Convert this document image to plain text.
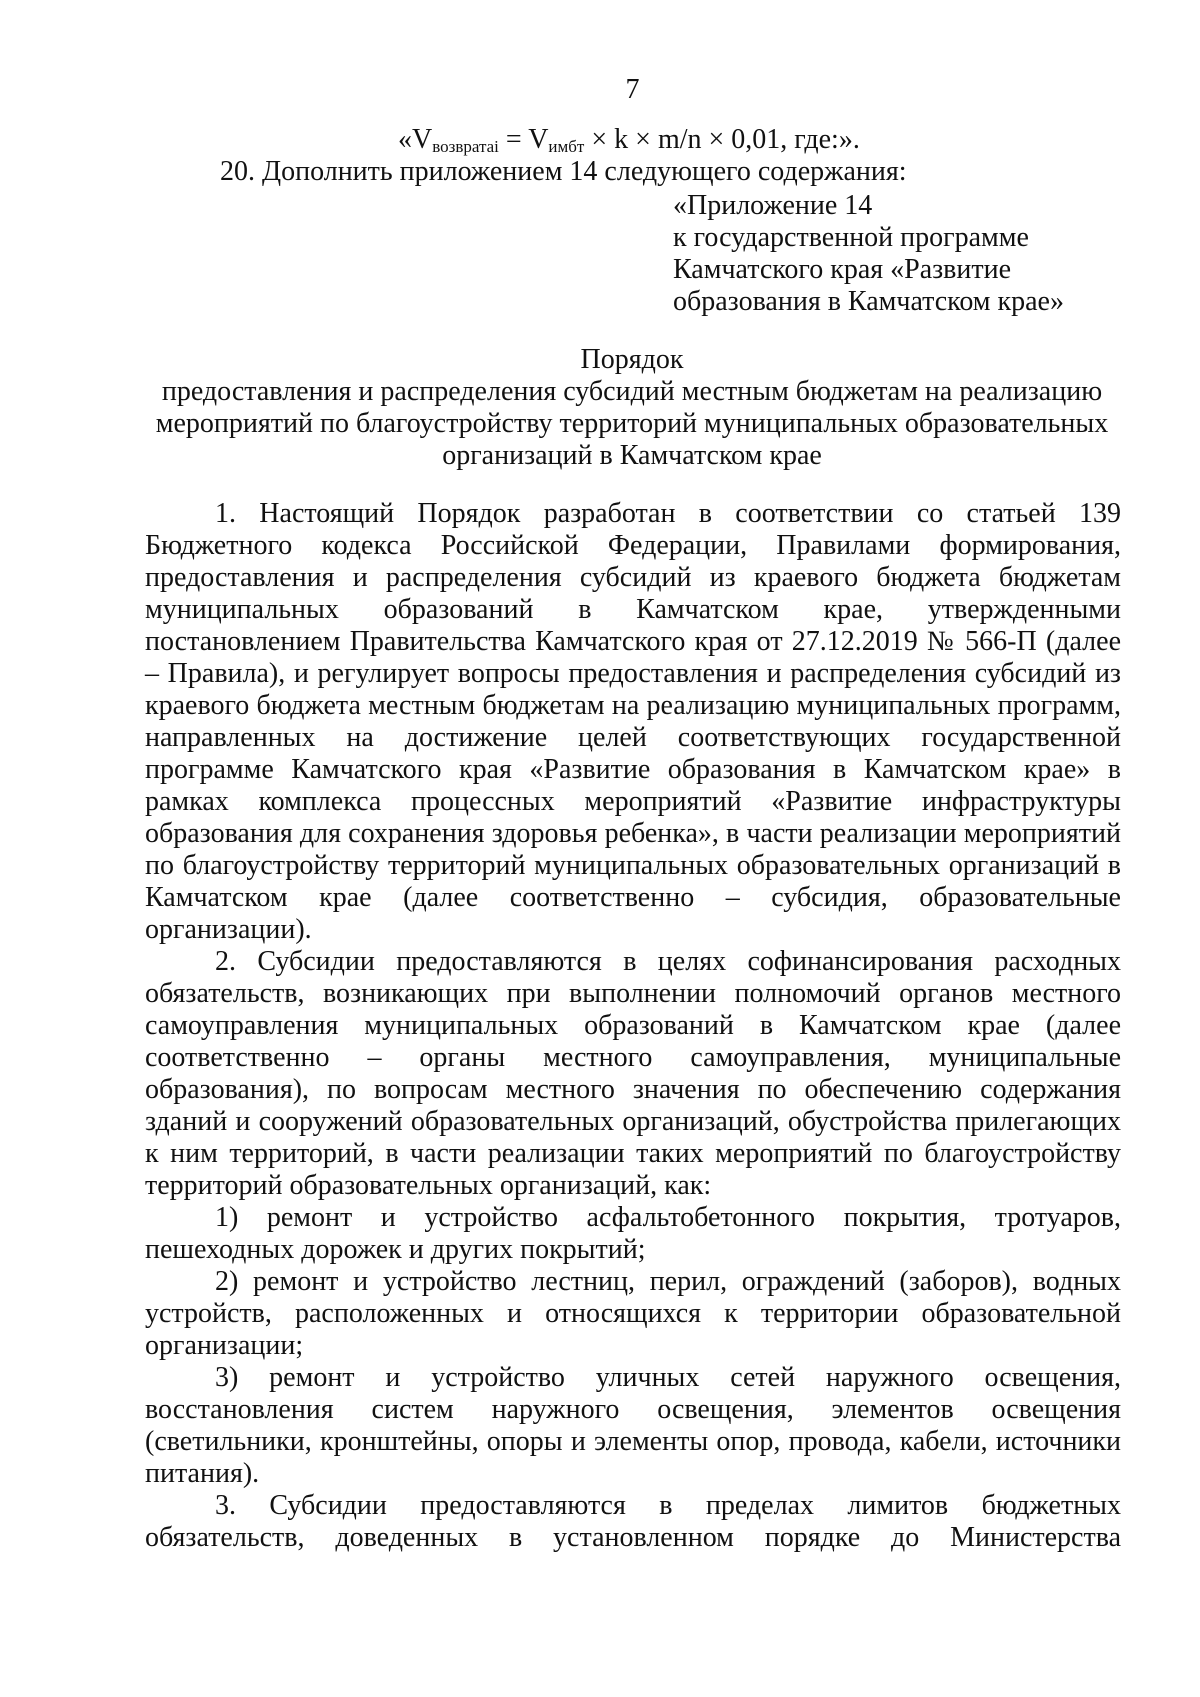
7
«$V_{возвратаi} = V_{имбт} \times k \times m/n \times 0,01$, где:».
20. Дополнить приложением 14 следующего содержания:
«Приложение 14
к государственной программе
Камчатского края «Развитие
образования в Камчатском крае»
Порядок
предоставления и распределения субсидий местным бюджетам на реализацию
мероприятий по благоустройству территорий муниципальных образовательных
организаций в Камчатском крае

1. Настоящий Порядок разработан в соответствии со статьей 139 Бюджетного кодекса Российской Федерации, Правилами формирования, предоставления и распределения субсидий из краевого бюджета бюджетам муниципальных образований в Камчатском крае, утвержденными постановлением Правительства Камчатского края от 27.12.2019 № 566-П (далее – Правила), и регулирует вопросы предоставления и распределения субсидий из краевого бюджета местным бюджетам на реализацию муниципальных программ, направленных на достижение целей соответствующих государственной программе Камчатского края «Развитие образования в Камчатском крае» в рамках комплекса процессных мероприятий «Развитие инфраструктуры образования для сохранения здоровья ребенка», в части реализации мероприятий по благоустройству территорий муниципальных образовательных организаций в Камчатском крае (далее соответственно – субсидия, образовательные организации).

2. Субсидии предоставляются в целях софинансирования расходных обязательств, возникающих при выполнении полномочий органов местного самоуправления муниципальных образований в Камчатском крае (далее соответственно – органы местного самоуправления, муниципальные образования), по вопросам местного значения по обеспечению содержания зданий и сооружений образовательных организаций, обустройства прилегающих к ним территорий, в части реализации таких мероприятий по благоустройству территорий образовательных организаций, как:

1) ремонт и устройство асфальтобетонного покрытия, тротуаров, пешеходных дорожек и других покрытий;

2) ремонт и устройство лестниц, перил, ограждений (заборов), водных устройств, расположенных и относящихся к территории образовательной организации;

3) ремонт и устройство уличных сетей наружного освещения, восстановления систем наружного освещения, элементов освещения (светильники, кронштейны, опоры и элементы опор, провода, кабели, источники питания).

3. Субсидии предоставляются в пределах лимитов бюджетных обязательств, доведенных в установленном порядке до Министерства
